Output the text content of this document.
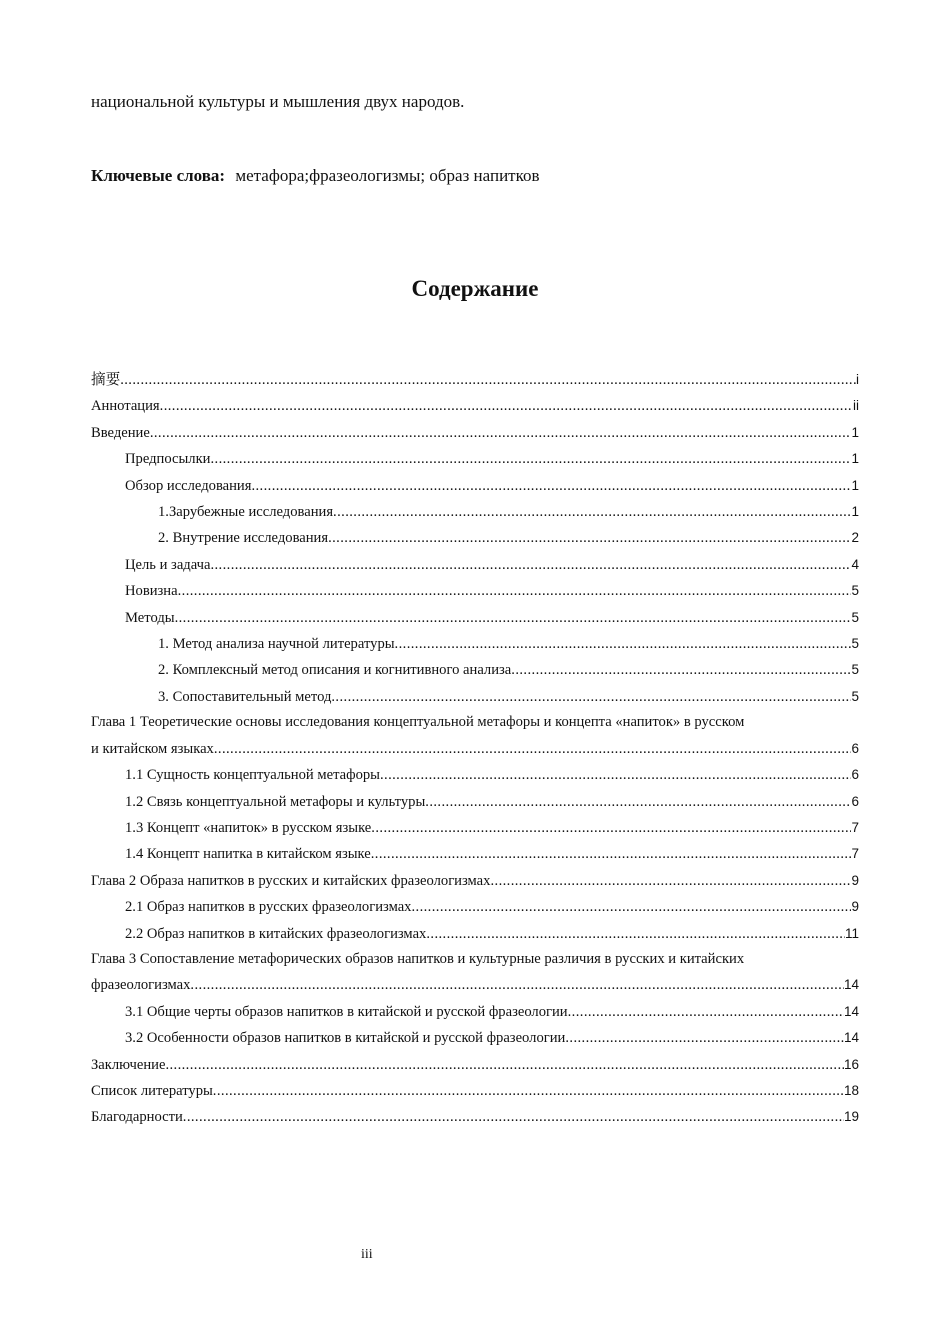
национальной культуры и мышления двух народов.
Ключевые слова: метафора;фразеологизмы; образ напитков
Содержание
摘要 .....	i
Аннотация .....	ii
Введение .....	1
Предпосылки .....	1
Обзор исследования .....	1
1.Зарубежные исследования .....	1
2. Внутрение исследования .....	2
Цель и задача .....	4
Новизна .....	5
Методы .....	5
1. Метод анализа научной литературы .....	5
2. Комплексный метод описания и когнитивного анализа .....	5
3. Сопоставительный метод .....	5
Глава 1 Теоретические основы исследования концептуальной метафоры и концепта «напиток» в русском
и китайском языках .....	6
1.1 Сущность концептуальной метафоры .....	6
1.2 Связь концептуальной метафоры и культуры .....	6
1.3 Концепт «напиток» в русском языке .....	7
1.4 Концепт напитка в китайском языке .....	7
Глава 2 Образа напитков в русских и китайских фразеологизмах .....	9
2.1 Образ напитков в русских фразеологизмах .....	9
2.2 Образ напитков в китайских фразеологизмах .....	11
Глава 3 Сопоставление метафорических образов напитков и культурные различия в русских и китайских
фразеологизмах .....	14
3.1 Общие черты образов напитков в китайской и русской фразеологии .....	14
3.2 Особенности образов напитков в китайской и русской фразеологии .....	14
Заключение .....	16
Список литературы .....	18
Благодарности .....	19
iii
